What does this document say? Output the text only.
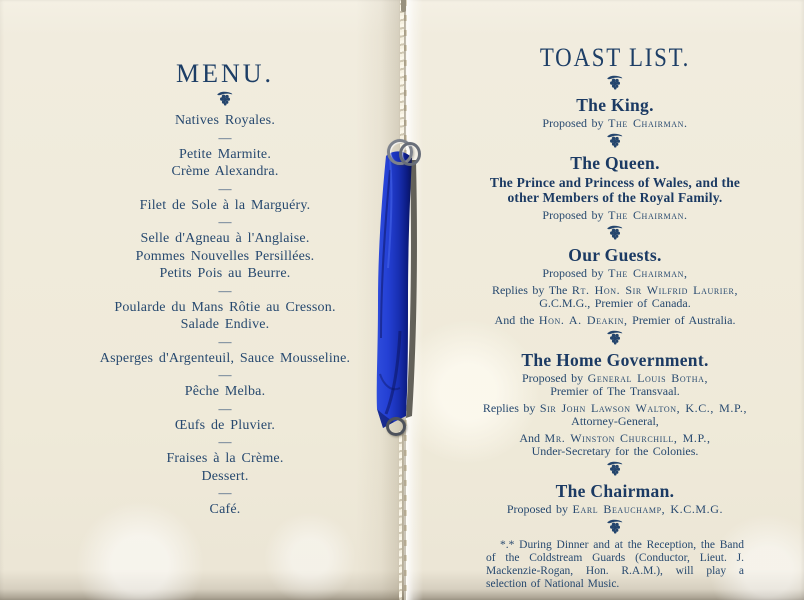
MENU.
Natives Royales.
—
Petite Marmite.
Crème Alexandra.
—
Filet de Sole à la Marguéry.
—
Selle d'Agneau à l'Anglaise.
Pommes Nouvelles Persillées.
Petits Pois au Beurre.
—
Poularde du Mans Rôtie au Cresson.
Salade Endive.
—
Asperges d'Argenteuil, Sauce Mousseline.
—
Pêche Melba.
—
Œufs de Pluvier.
—
Fraises à la Crème.
Dessert.
—
Café.
TOAST LIST.
The King.

Proposed by The Chairman.

The Queen.

The Prince and Princess of Wales, and the

other Members of the Royal Family.

Proposed by The Chairman.

Our Guests.

Proposed by The Chairman,

Replies by The Rt. Hon. Sir Wilfrid Laurier,

G.C.M.G., Premier of Canada.

And the Hon. A. Deakin, Premier of Australia.

The Home Government.

Proposed by General Louis Botha,

Premier of The Transvaal.

Replies by Sir John Lawson Walton, K.C., M.P.,

Attorney-General,

And Mr. Winston Churchill, M.P.,

Under-Secretary for the Colonies.

The Chairman.

Proposed by Earl Beauchamp, K.C.M.G.

*.* During Dinner and at the Reception, the Band of the Coldstream Guards (Conductor, Lieut. J. Mackenzie-Rogan, Hon. R.A.M.), will play a selection of National Music.
